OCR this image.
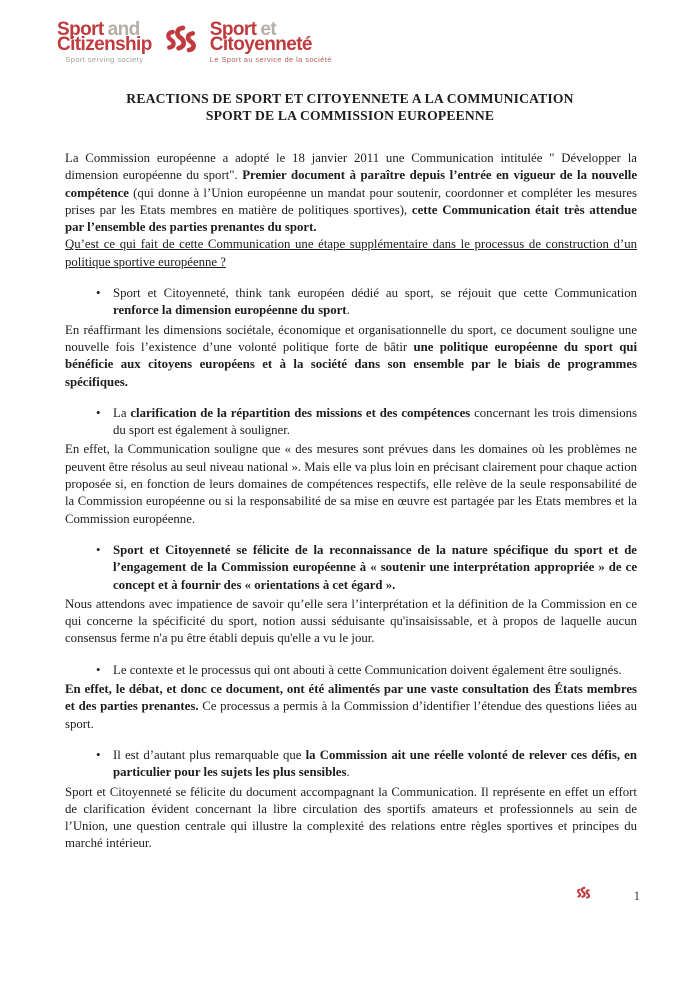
Sport and
Citizenship
Sport serving society
Sport et
Citoyenneté
Le Sport au service de la société
REACTIONS DE SPORT ET CITOYENNETE A LA COMMUNICATION
SPORT DE LA COMMISSION EUROPEENNE

La Commission européenne a adopté le 18 janvier 2011 une Communication intitulée " Développer la dimension européenne du sport". Premier document à paraître depuis l’entrée en vigueur de la nouvelle compétence (qui donne à l’Union européenne un mandat pour soutenir, coordonner et compléter les mesures prises par les Etats membres en matière de politiques sportives), cette Communication était très attendue par l’ensemble des parties prenantes du sport.

Qu’est ce qui fait de cette Communication une étape supplémentaire dans le processus de construction d’un politique sportive européenne ?

• Sport et Citoyenneté, think tank européen dédié au sport, se réjouit que cette Communication renforce la dimension européenne du sport.

En réaffirmant les dimensions sociétale, économique et organisationnelle du sport, ce document souligne une nouvelle fois l’existence d’une volonté politique forte de bâtir une politique européenne du sport qui bénéficie aux citoyens européens et à la société dans son ensemble par le biais de programmes spécifiques.

• La clarification de la répartition des missions et des compétences concernant les trois dimensions du sport est également à souligner.

En effet, la Communication souligne que « des mesures sont prévues dans les domaines où les problèmes ne peuvent être résolus au seul niveau national ». Mais elle va plus loin en précisant clairement pour chaque action proposée si, en fonction de leurs domaines de compétences respectifs, elle relève de la seule responsabilité de la Commission européenne ou si la responsabilité de sa mise en œuvre est partagée par les Etats membres et la Commission européenne.

• Sport et Citoyenneté se félicite de la reconnaissance de la nature spécifique du sport et de l’engagement de la Commission européenne à « soutenir une interprétation appropriée » de ce concept et à fournir des « orientations à cet égard ».

Nous attendons avec impatience de savoir qu’elle sera l’interprétation et la définition de la Commission en ce qui concerne la spécificité du sport, notion aussi séduisante qu'insaisissable, et à propos de laquelle aucun consensus ferme n'a pu être établi depuis qu'elle a vu le jour.

• Le contexte et le processus qui ont abouti à cette Communication doivent également être soulignés.

En effet, le débat, et donc ce document, ont été alimentés par une vaste consultation des États membres et des parties prenantes. Ce processus a permis à la Commission d’identifier l’étendue des questions liées au sport.

• Il est d’autant plus remarquable que la Commission ait une réelle volonté de relever ces défis, en particulier pour les sujets les plus sensibles.

Sport et Citoyenneté se félicite du document accompagnant la Communication. Il représente en effet un effort de clarification évident concernant la libre circulation des sportifs amateurs et professionnels au sein de l’Union, une question centrale qui illustre la complexité des relations entre règles sportives et principes du marché intérieur.

1
